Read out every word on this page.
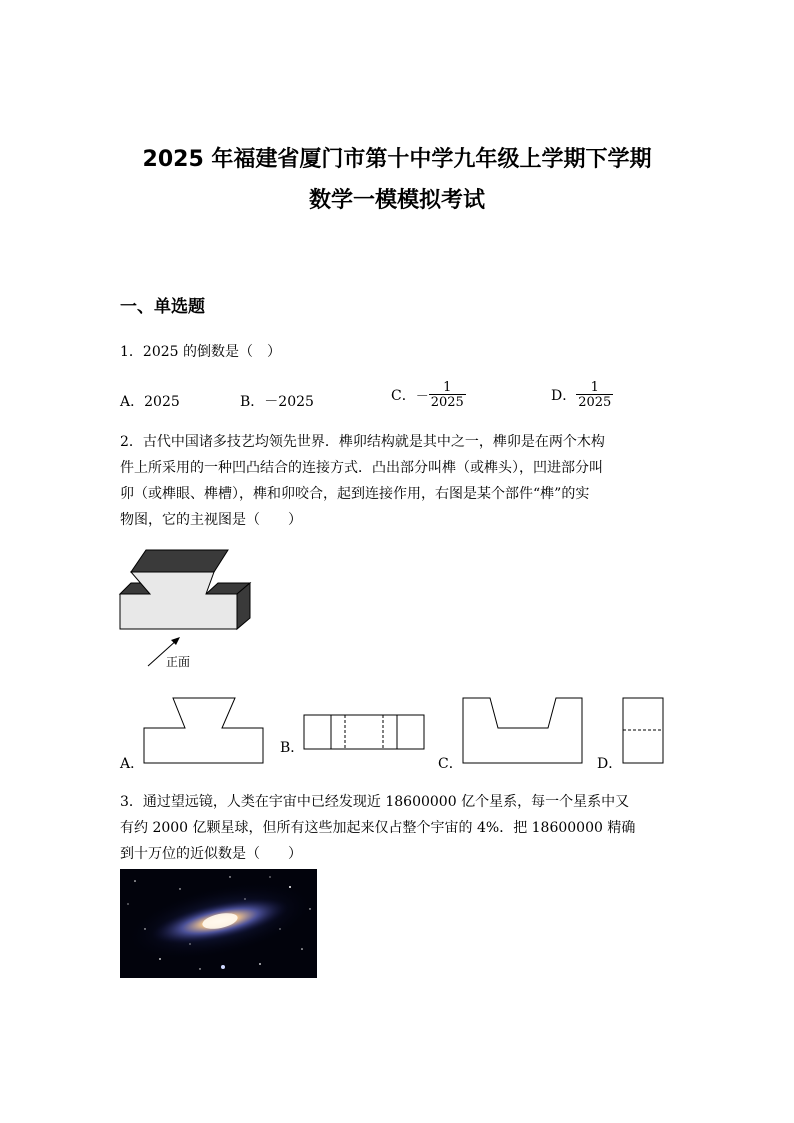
2025 年福建省厦门市第十中学九年级上学期下学期
数学一模模拟考试
一、单选题
1．2025 的倒数是（　）
A．2025	B．－2025	C．－ $\frac{1}{2025}$	D． $\frac{1}{2025}$
2．古代中国诸多技艺均领先世界．榫卯结构就是其中之一，榫卯是在两个木构
件上所采用的一种凹凸结合的连接方式．凸出部分叫榫（或榫头），凹进部分叫
卯（或榫眼、榫槽），榫和卯咬合，起到连接作用，右图是某个部件“榫”的实
物图，它的主视图是（　　）
正面
A．
B．
C．	D．
3．通过望远镜，人类在宇宙中已经发现近 18600000 亿个星系，每一个星系中又
有约 2000 亿颗星球，但所有这些加起来仅占整个宇宙的 4%．把 18600000 精确
到十万位的近似数是（　　）
